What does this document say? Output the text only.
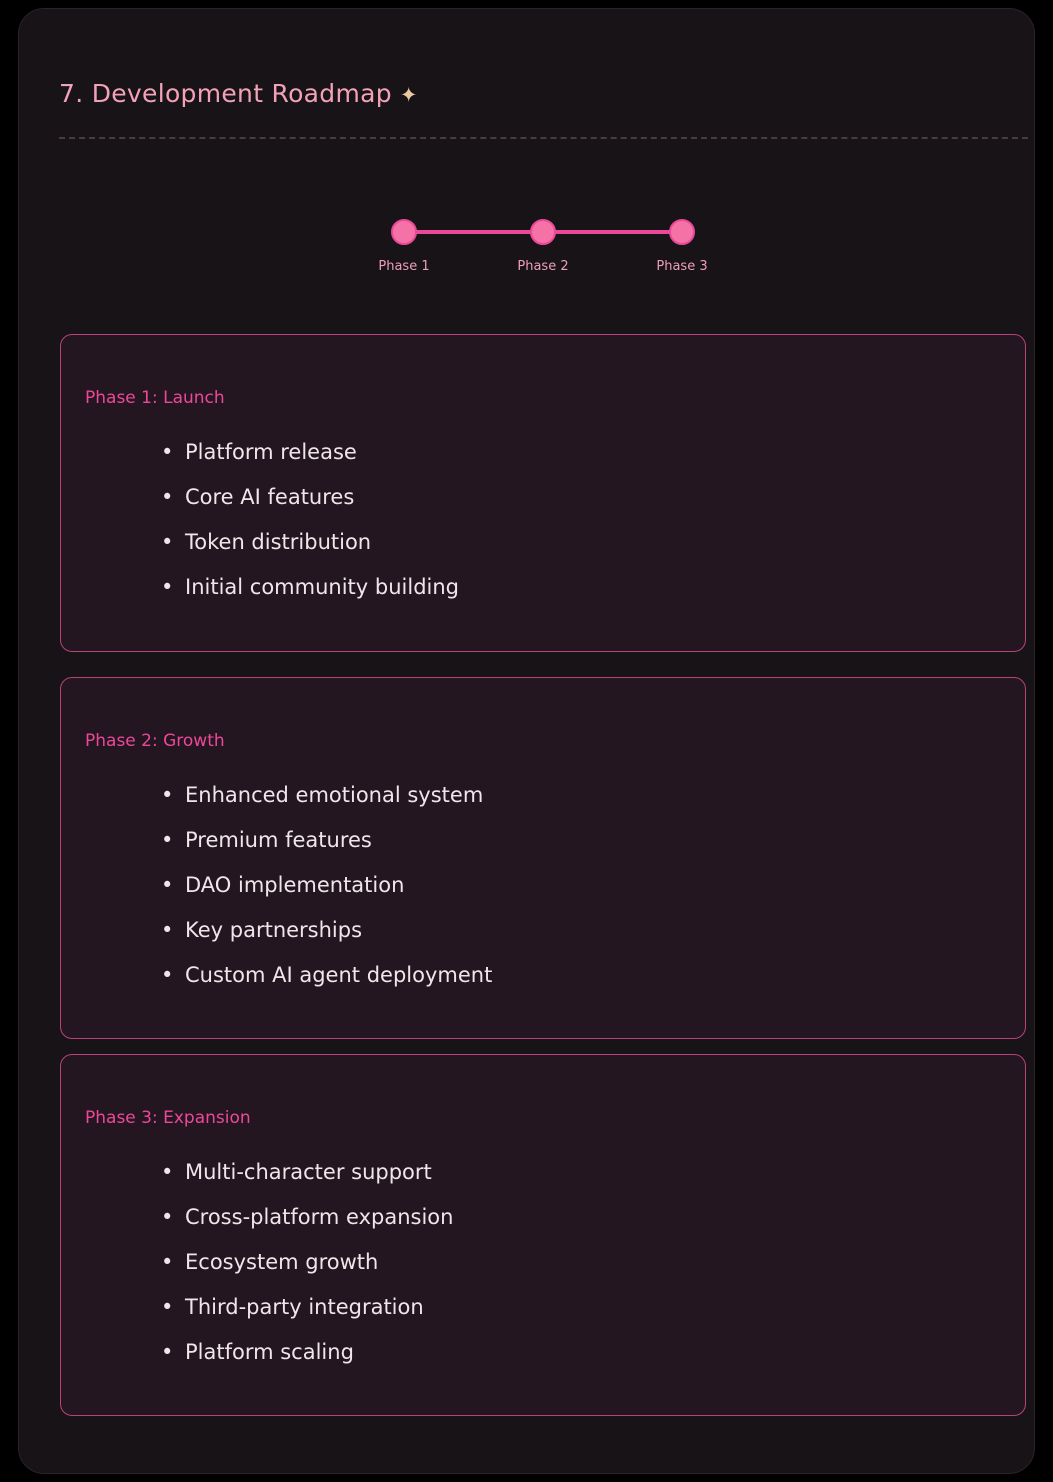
7. Development Roadmap ✦
Phase 1	Phase 2	Phase 3
Phase 1: Launch
• Platform release
• Core AI features
• Token distribution
• Initial community building
Phase 2: Growth
• Enhanced emotional system
• Premium features
• DAO implementation
• Key partnerships
• Custom AI agent deployment
Phase 3: Expansion
• Multi-character support
• Cross-platform expansion
• Ecosystem growth
• Third-party integration
• Platform scaling
